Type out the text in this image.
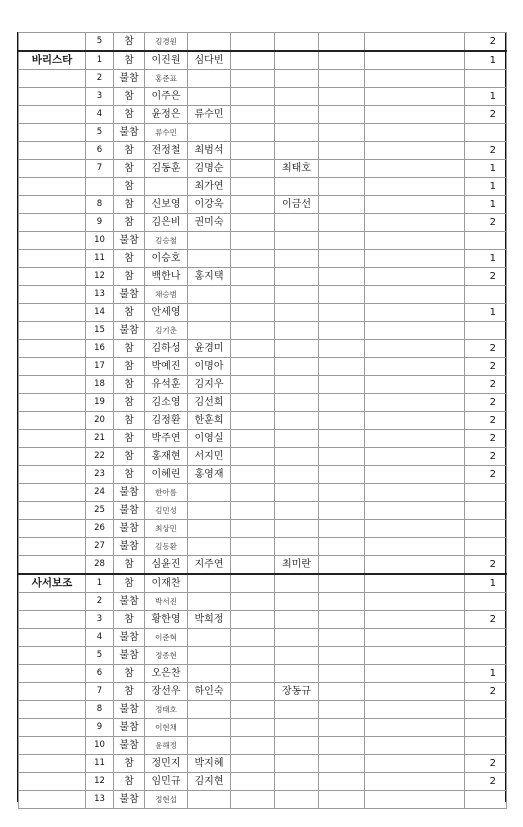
	5	참	김경원						2
바리스타	1	참	이진원	심다빈					1
	2	불참	홍준표						
	3	참	이주은						1
	4	참	윤정은	류수민					2
	5	불참	류수민						
	6	참	전정철	최범석					2
	7	참	김동훈	김명순		최태호			1
		참		최가연					1
	8	참	신보영	이강욱		이금선			1
	9	참	김은비	권미숙					2
	10	불참	김승철						
	11	참	이승호						1
	12	참	백한나	홍지택					2
	13	불참	채승범						
	14	참	안세영						1
	15	불참	김기춘						
	16	참	김하성	윤경미					2
	17	참	박예진	이명아					2
	18	참	유석훈	김지우					2
	19	참	김소영	김선희					2
	20	참	김정환	한훈희					2
	21	참	박주연	이영실					2
	22	참	홍재현	서지민					2
	23	참	이혜린	홍영재					2
	24	불참	한아름						
	25	불참	김민성						
	26	불참	최상민						
	27	불참	김동환						
	28	참	심윤진	지주연		최미란			2
사서보조	1	참	이재찬						1
	2	불참	박서진						
	3	참	황한영	박희정					2
	4	불참	이준혁						
	5	불참	정종현						
	6	참	오은찬						1
	7	참	장선우	하인숙		장동규			2
	8	불참	정태호						
	9	불참	이현채						
	10	불참	윤해정						
	11	참	정민지	박지혜					2
	12	참	임민규	김지현					2
	13	불참	정현섭						
